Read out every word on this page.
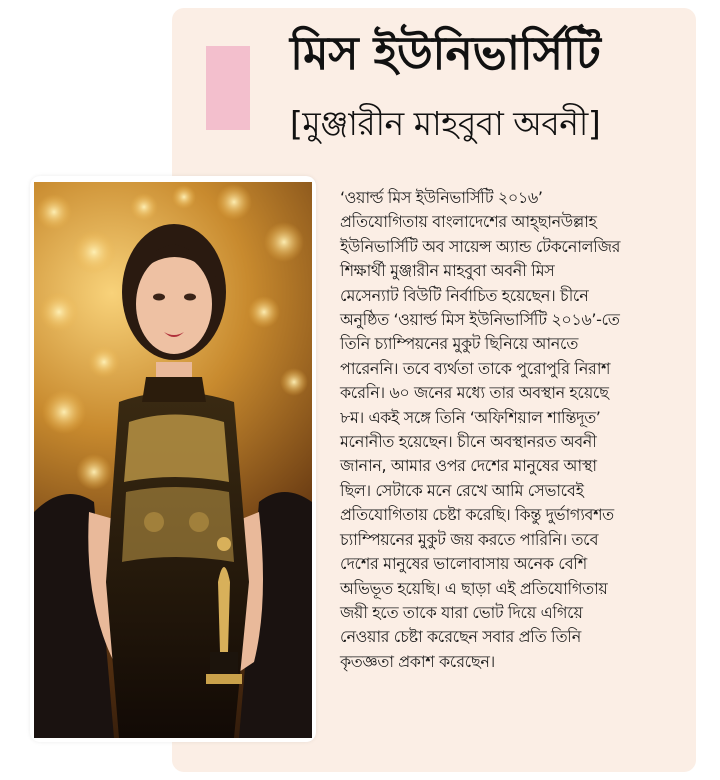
মিস ইউনিভার্সিটি

[মুঞ্জারীন মাহবুবা অবনী]

‘ওয়ার্ল্ড মিস ইউনিভার্সিটি ২০১৬’
প্রতিযোগিতায় বাংলাদেশের আহ্ছানউল্লাহ
ইউনিভার্সিটি অব সায়েন্স অ্যান্ড টেকনোলজির
শিক্ষার্থী মুঞ্জারীন মাহবুবা অবনী মিস
মেসেন্যাট বিউটি নির্বাচিত হয়েছেন। চীনে
অনুষ্ঠিত ‘ওয়ার্ল্ড মিস ইউনিভার্সিটি ২০১৬’-তে
তিনি চ্যাম্পিয়নের মুকুট ছিনিয়ে আনতে
পারেননি। তবে ব্যর্থতা তাকে পুরোপুরি নিরাশ
করেনি। ৬০ জনের মধ্যে তার অবস্থান হয়েছে
৮ম। একই সঙ্গে তিনি ‘অফিশিয়াল শান্তিদূত’
মনোনীত হয়েছেন। চীনে অবস্থানরত অবনী
জানান, আমার ওপর দেশের মানুষের আস্থা
ছিল। সেটাকে মনে রেখে আমি সেভাবেই
প্রতিযোগিতায় চেষ্টা করেছি। কিন্তু দুর্ভাগ্যবশত
চ্যাম্পিয়নের মুকুট জয় করতে পারিনি। তবে
দেশের মানুষের ভালোবাসায় অনেক বেশি
অভিভূত হয়েছি। এ ছাড়া এই প্রতিযোগিতায়
জয়ী হতে তাকে যারা ভোট দিয়ে এগিয়ে
নেওয়ার চেষ্টা করেছেন সবার প্রতি তিনি
কৃতজ্ঞতা প্রকাশ করেছেন।
